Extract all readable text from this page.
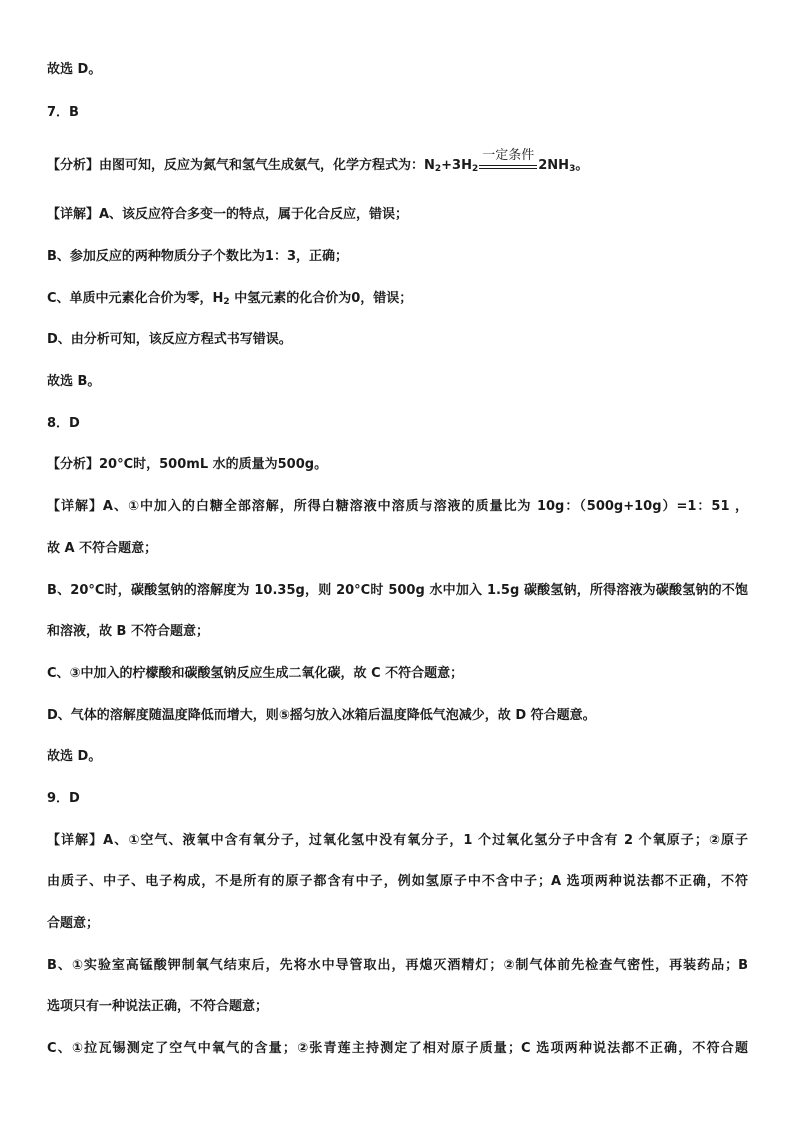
故选 D。
7．B
【分析】由图可知，反应为氮气和氢气生成氨气，化学方程式为：$N_2+3H_2$
一定条件
$2NH_3$。
【详解】A、该反应符合多变一的特点，属于化合反应，错误；
B、参加反应的两种物质分子个数比为1：3，正确；
C、单质中元素化合价为零，$H_2$ 中氢元素的化合价为0，错误；
D、由分析可知，该反应方程式书写错误。
故选 B。
8．D
【分析】20°C时，500mL 水的质量为500g。
【详解】A、①中加入的白糖全部溶解，所得白糖溶液中溶质与溶液的质量比为 10g：（500g+10g）=1：51 ，
故 A 不符合题意；
B、20°C时，碳酸氢钠的溶解度为 10.35g，则 20°C时 500g 水中加入 1.5g 碳酸氢钠，所得溶液为碳酸氢钠的不饱
和溶液，故 B 不符合题意；
C、③中加入的柠檬酸和碳酸氢钠反应生成二氧化碳，故 C 不符合题意；
D、气体的溶解度随温度降低而增大，则⑤摇匀放入冰箱后温度降低气泡减少，故 D 符合题意。
故选 D。
9．D
【详解】A、①空气、液氧中含有氧分子，过氧化氢中没有氧分子，1 个过氧化氢分子中含有 2 个氧原子；②原子
由质子、中子、电子构成，不是所有的原子都含有中子，例如氢原子中不含中子；A 选项两种说法都不正确，不符
合题意；
B、①实验室高锰酸钾制氧气结束后，先将水中导管取出，再熄灭酒精灯；②制气体前先检查气密性，再装药品；B
选项只有一种说法正确，不符合题意；
C、①拉瓦锡测定了空气中氧气的含量；②张青莲主持测定了相对原子质量；C 选项两种说法都不正确，不符合题
